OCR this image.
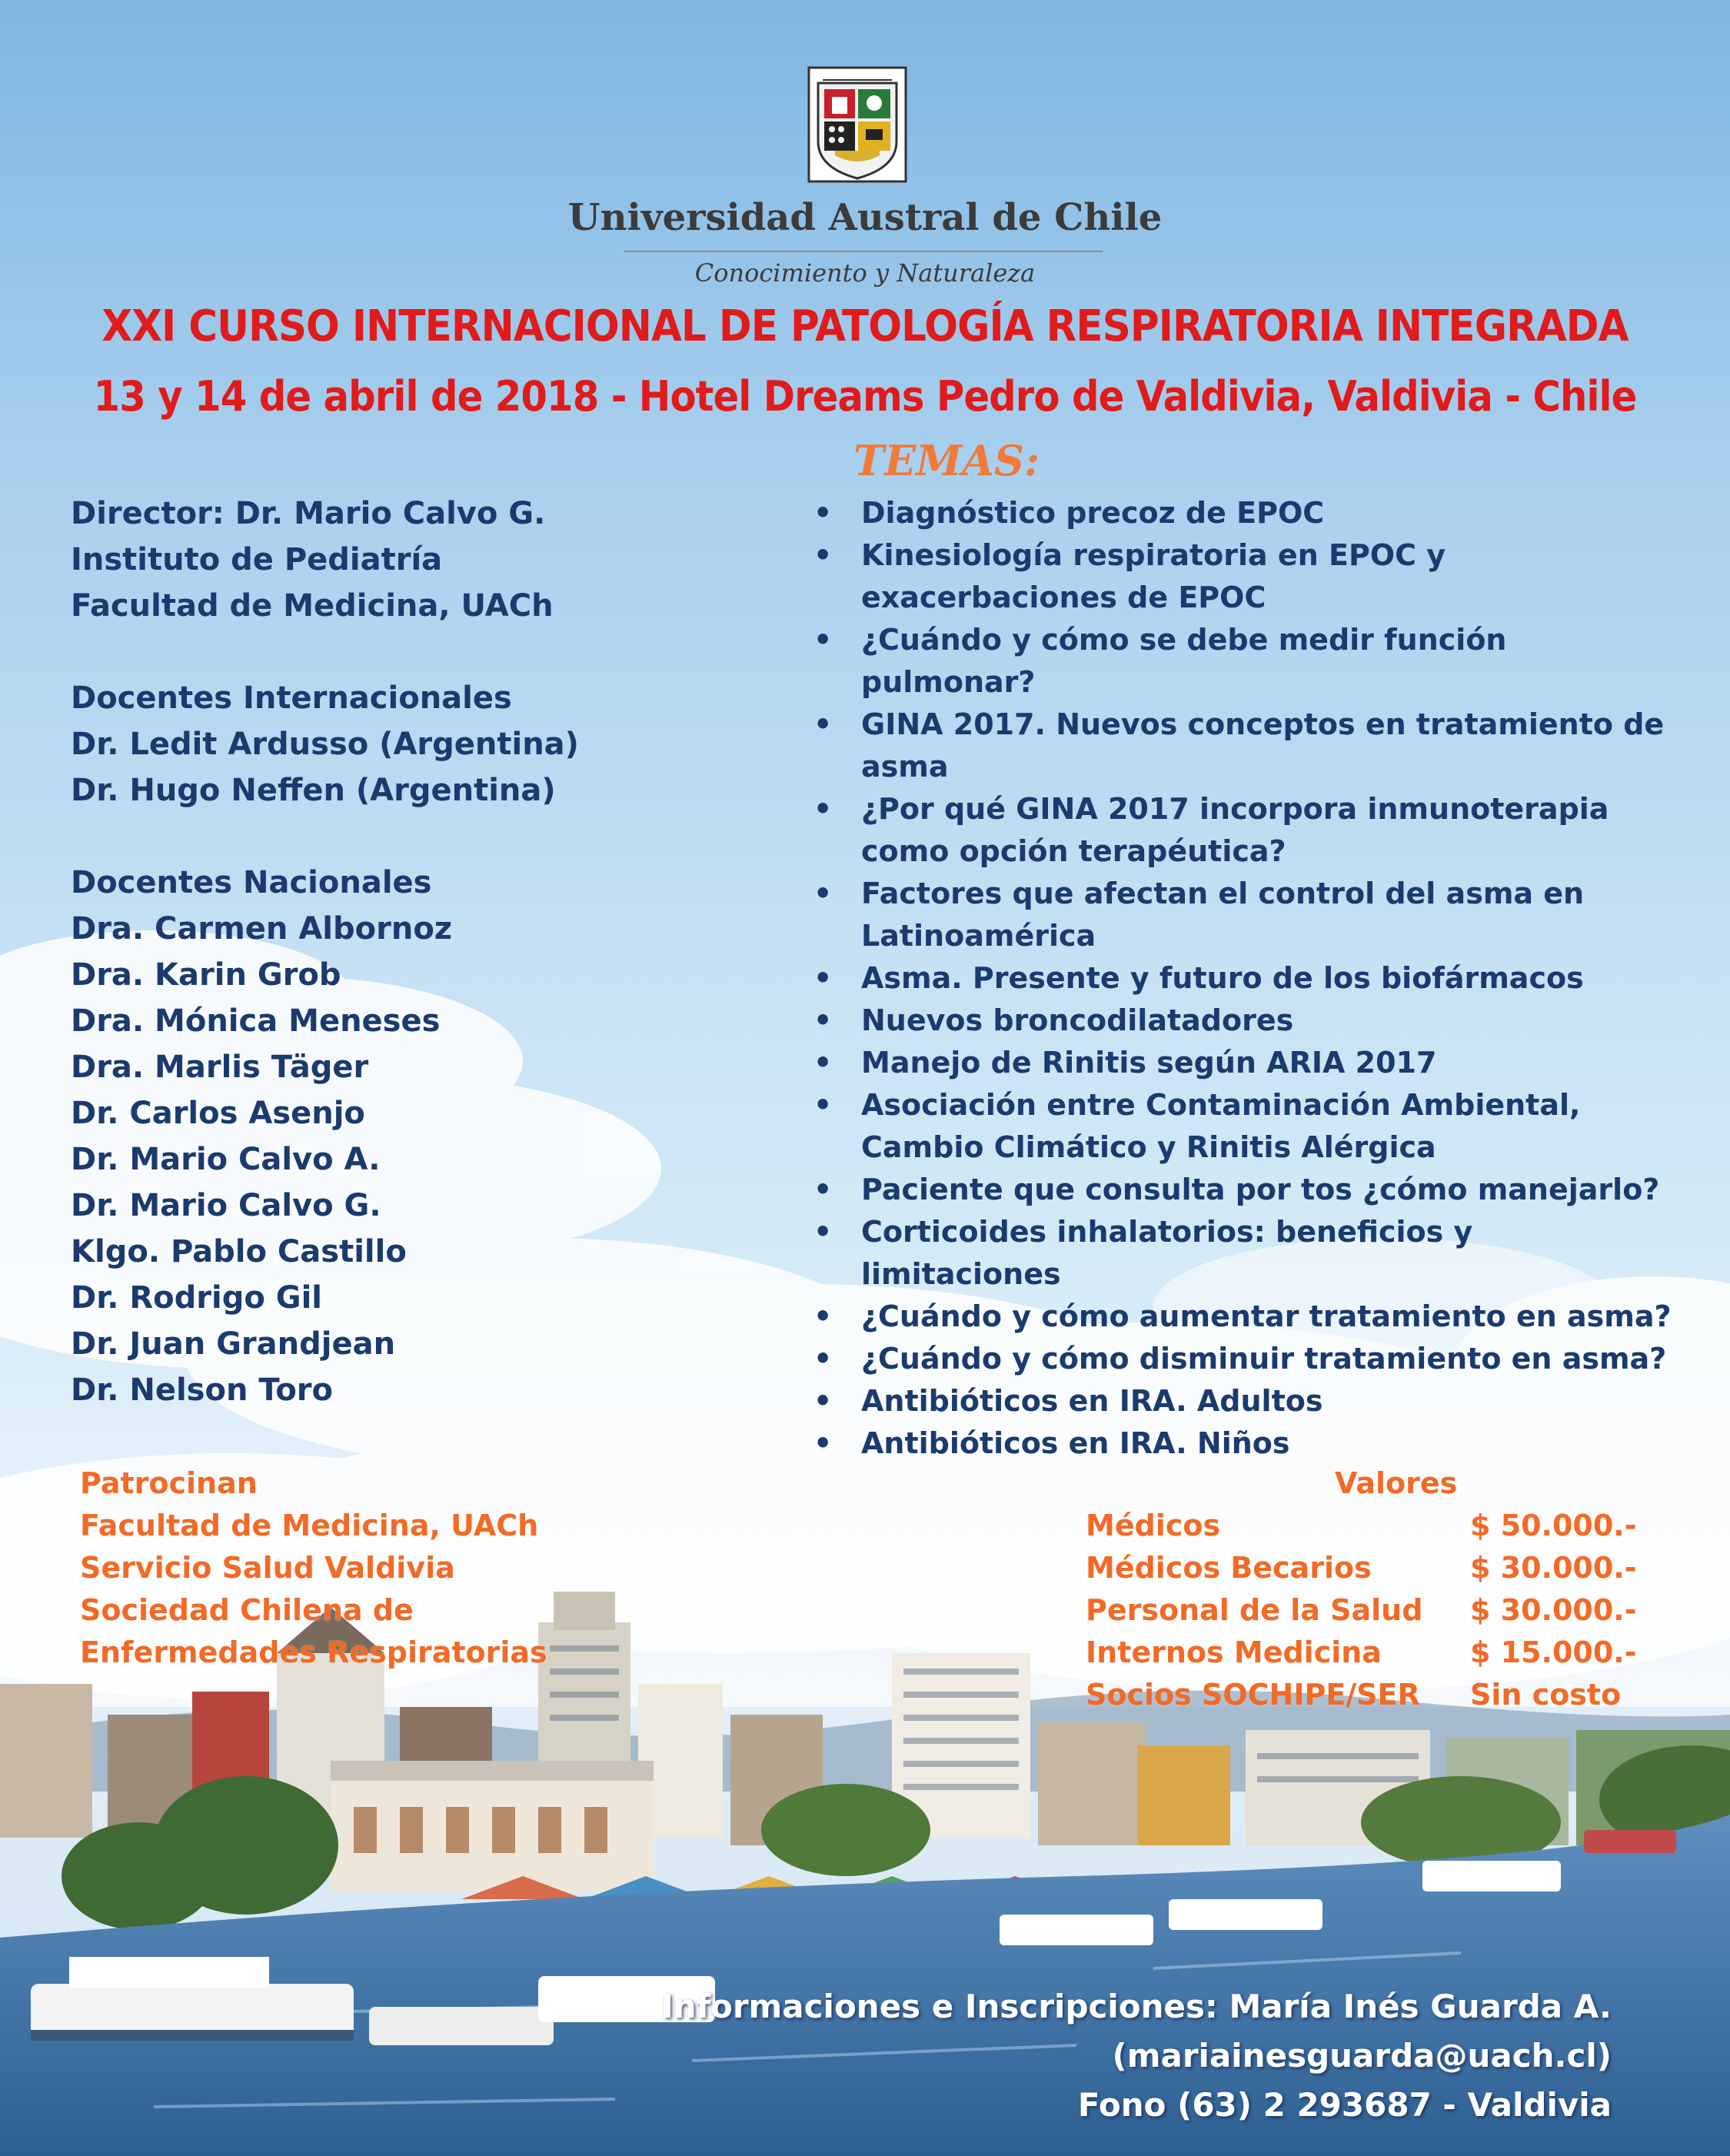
Universidad Austral de Chile

Conocimiento y Naturaleza

XXI CURSO INTERNACIONAL DE PATOLOGÍA RESPIRATORIA INTEGRADA
13 y 14 de abril de 2018 - Hotel Dreams Pedro de Valdivia, Valdivia - Chile
TEMAS:

Director: Dr. Mario Calvo G.

Instituto de Pediatría

Facultad de Medicina, UACh

Docentes Internacionales

Dr. Ledit Ardusso (Argentina)

Dr. Hugo Neffen (Argentina)

Docentes Nacionales

Dra. Carmen Albornoz

Dra. Karin Grob

Dra. Mónica Meneses

Dra. Marlis Täger

Dr. Carlos Asenjo

Dr. Mario Calvo A.

Dr. Mario Calvo G.

Klgo. Pablo Castillo

Dr. Rodrigo Gil

Dr. Juan Grandjean

Dr. Nelson Toro

• Diagnóstico precoz de EPOC
• Kinesiología respiratoria en EPOC y exacerbaciones de EPOC
• ¿Cuándo y cómo se debe medir función pulmonar?
• GINA 2017. Nuevos conceptos en tratamiento de asma
• ¿Por qué GINA 2017 incorpora inmunoterapia como opción terapéutica?
• Factores que afectan el control del asma en Latinoamérica
• Asma. Presente y futuro de los biofármacos
• Nuevos broncodilatadores
• Manejo de Rinitis según ARIA 2017
• Asociación entre Contaminación Ambiental, Cambio Climático y Rinitis Alérgica
• Paciente que consulta por tos ¿cómo manejarlo?
• Corticoides inhalatorios: beneficios y limitaciones
• ¿Cuándo y cómo aumentar tratamiento en asma?
• ¿Cuándo y cómo disminuir tratamiento en asma?
• Antibióticos en IRA. Adultos
• Antibióticos en IRA. Niños

Patrocinan

Facultad de Medicina, UACh

Servicio Salud Valdivia

Sociedad Chilena de

Enfermedades Respiratorias

Valores

Médicos	$ 50.000.-
Médicos Becarios	$ 30.000.-
Personal de la Salud	$ 30.000.-
Internos Medicina	$ 15.000.-
Socios SOCHIPE/SER	Sin costo

Informaciones e Inscripciones: María Inés Guarda A.

(mariainesguarda@uach.cl)

Fono (63) 2 293687 - Valdivia
